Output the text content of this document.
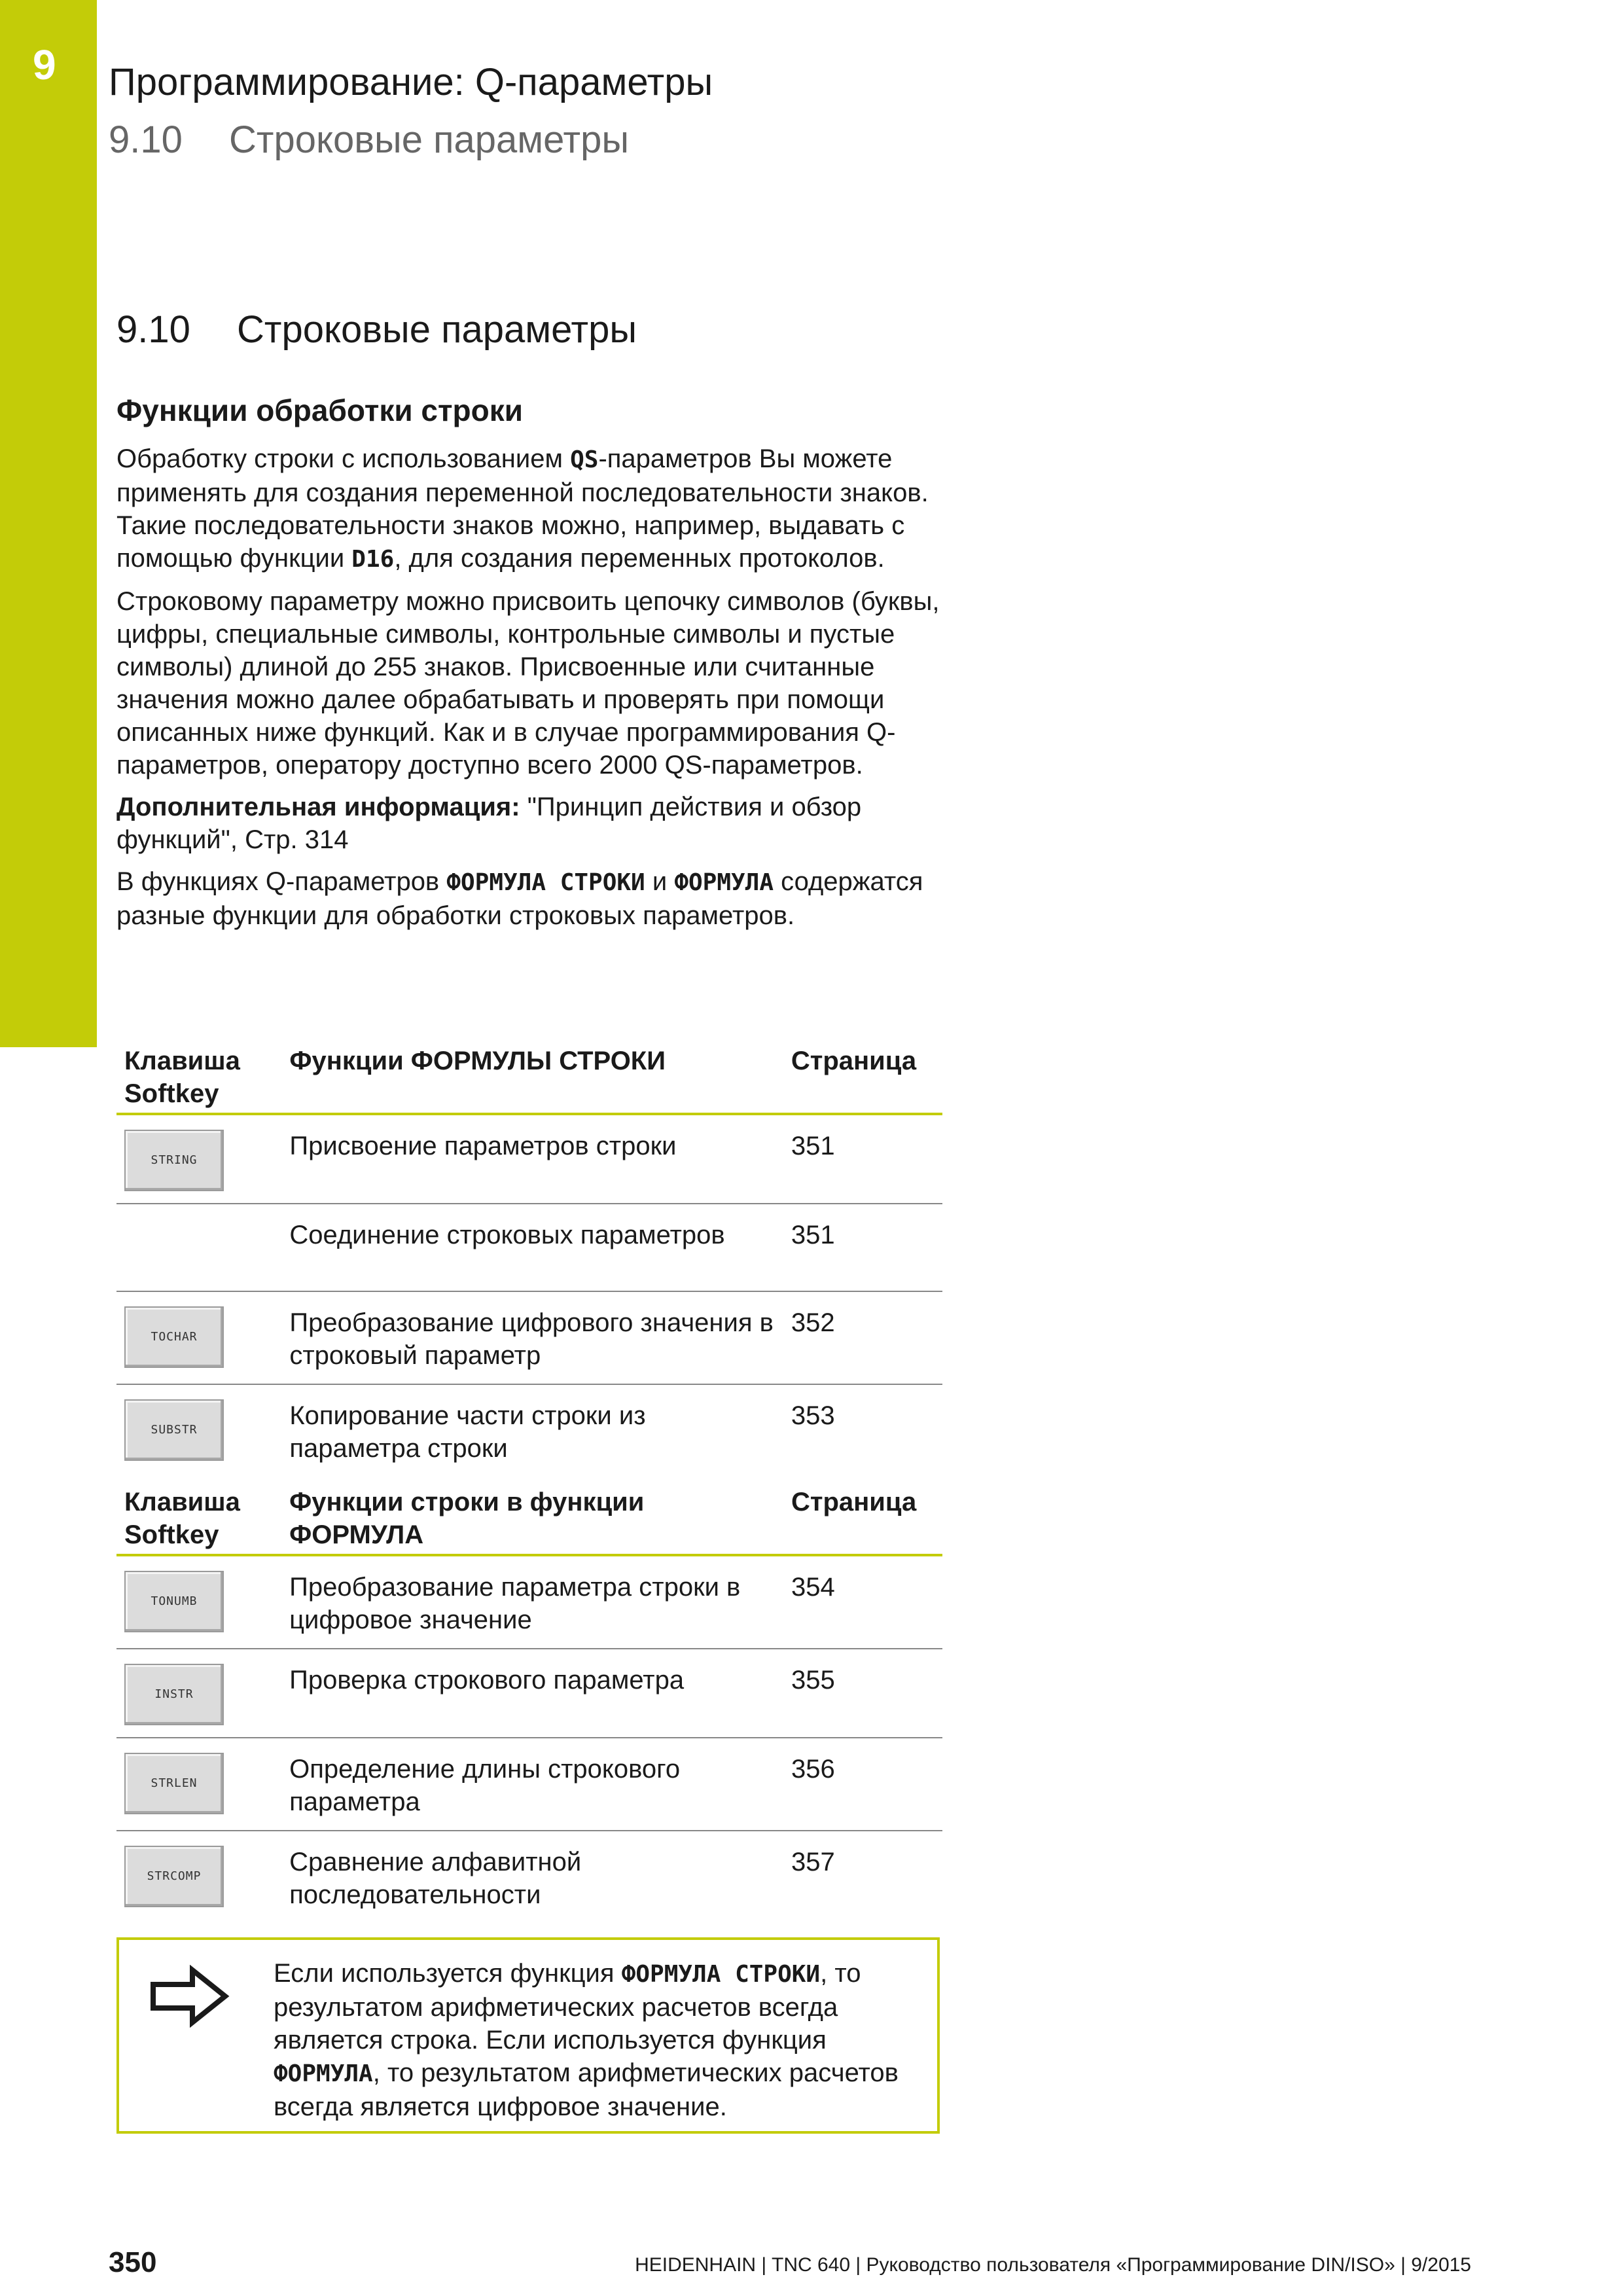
9 Программирование: Q-параметры
9.10 Строковые параметры
9.10 Строковые параметры
Функции обработки строки

Обработку строки с использованием QS-параметров Вы можете применять для создания переменной последовательности знаков. Такие последовательности знаков можно, например, выдавать с помощью функции D16, для создания переменных протоколов.

Строковому параметру можно присвоить цепочку символов (буквы, цифры, специальные символы, контрольные символы и пустые символы) длиной до 255 знаков. Присвоенные или считанные значения можно далее обрабатывать и проверять при помощи описанных ниже функций. Как и в случае программирования Q-параметров, оператору доступно всего 2000 QS-параметров.

Дополнительная информация: "Принцип действия и обзор функций", Стр. 314

В функциях Q-параметров ФОРМУЛА СТРОКИ и ФОРМУЛА содержатся разные функции для обработки строковых параметров.

Клавиша Softkey	Функции ФОРМУЛЫ СТРОКИ	Страница

STRING	Присвоение параметров строки	351
	Соединение строковых параметров	351

TOCHAR	Преобразование цифрового значения в строковый параметр	352

SUBSTR	Копирование части строки из параметра строки	353
Клавиша Softkey	Функции строки в функции ФОРМУЛА	Страница

TONUMB	Преобразование параметра строки в цифровое значение	354

INSTR	Проверка строкового параметра	355

STRLEN	Определение длины строкового параметра	356

STRCOMP	Сравнение алфавитной последовательности	357
Если используется функция ФОРМУЛА СТРОКИ, то результатом арифметических расчетов всегда является строка. Если используется функция ФОРМУЛА, то результатом арифметических расчетов всегда является цифровое значение.
350	HEIDENHAIN | TNC 640 | Руководство пользователя «Программирование DIN/ISO» | 9/2015
